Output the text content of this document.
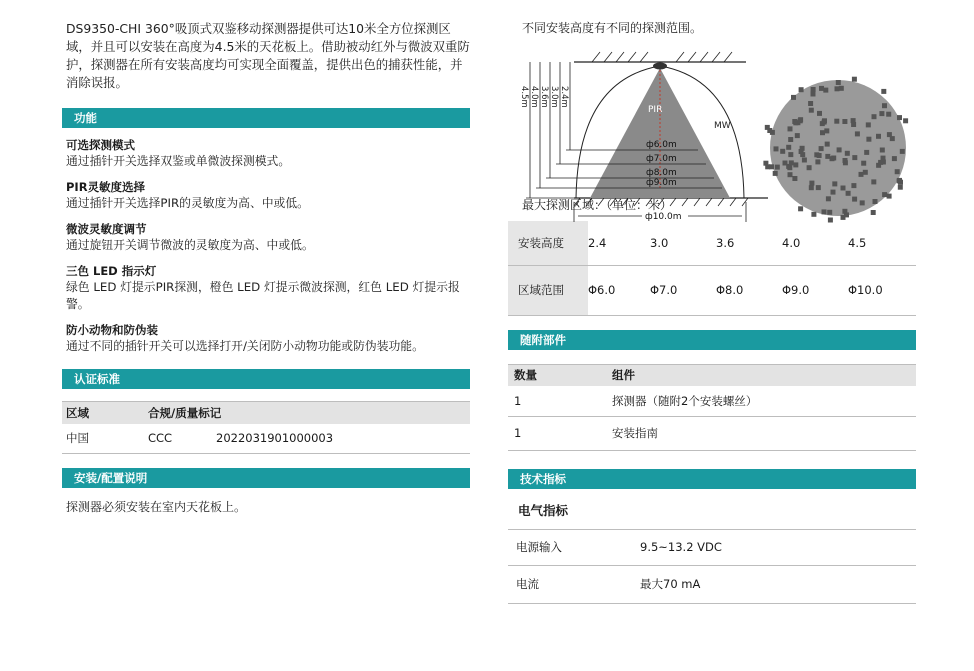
DS9350-CHI 360°吸顶式双鉴移动探测器提供可达10米全方位探测区域，并且可以安装在高度为4.5米的天花板上。借助被动红外与微波双重防护，探测器在所有安装高度均可实现全面覆盖，提供出色的捕获性能，并消除误报。

功能
可选探测模式
通过插针开关选择双鉴或单微波探测模式。
PIR灵敏度选择
通过插针开关选择PIR的灵敏度为高、中或低。
微波灵敏度调节
通过旋钮开关调节微波的灵敏度为高、中或低。
三色 LED 指示灯
绿色 LED 灯提示PIR探测，橙色 LED 灯提示微波探测，红色 LED 灯提示报警。
防小动物和防伪装
通过不同的插针开关可以选择打开/关闭防小动物功能或防伪装功能。
认证标准
区域	合规/质量标记	
中国	CCC	2022031901000003
安装/配置说明

探测器必须安装在室内天花板上。

不同安装高度有不同的探测范围。

PIR
MW
4.5m 4.0m 3.6m 3.0m 2.4m
ф6.0m
ф7.0m
ф8.0m
ф9.0m
ф10.0m

最大探测区域：（单位：米）

安装高度	2.4	3.0	3.6	4.0	4.5
区域范围	Φ6.0	Φ7.0	Φ8.0	Φ9.0	Φ10.0
随附部件
数量	组件
1	探测器（随附2个安装螺丝）
1	安装指南
技术指标
电气指标
电源输入	9.5~13.2 VDC
电流	最大70 mA
